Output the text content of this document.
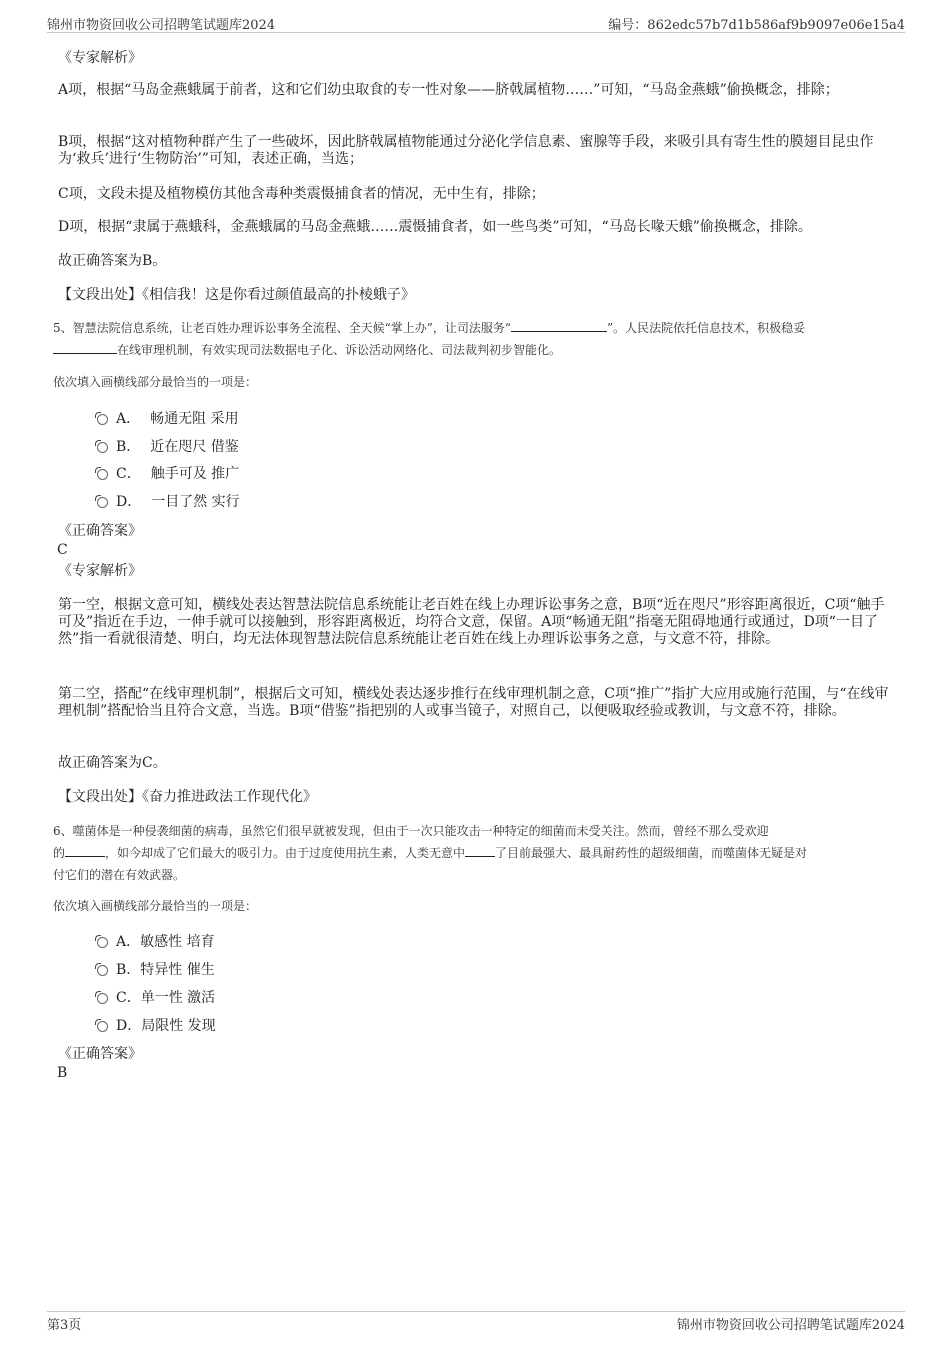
锦州市物资回收公司招聘笔试题库2024	编号：862edc57b7d1b586af9b9097e06e15a4
《专家解析》
A项，根据“马岛金燕蛾属于前者，这和它们幼虫取食的专一性对象——脐戟属植物……”可知，“马岛金燕蛾”偷换概念，排除；
B项，根据“这对植物种群产生了一些破坏，因此脐戟属植物能通过分泌化学信息素、蜜腺等手段，来吸引具有寄生性的膜翅目昆虫作为‘救兵’进行‘生物防治’”可知，表述正确，当选；
C项，文段未提及植物模仿其他含毒种类震慑捕食者的情况，无中生有，排除；
D项，根据“隶属于燕蛾科，金燕蛾属的马岛金燕蛾……震慑捕食者，如一些鸟类”可知，“马岛长喙天蛾”偷换概念，排除。
故正确答案为B。
【文段出处】《相信我！这是你看过颜值最高的扑棱蛾子》
5、智慧法院信息系统，让老百姓办理诉讼事务全流程、全天候“掌上办”，让司法服务“	”。人民法院依托信息技术，积极稳妥
在线审理机制，有效实现司法数据电子化、诉讼活动网络化、司法裁判初步智能化。
依次填入画横线部分最恰当的一项是：
A． 畅通无阻 采用
B． 近在咫尺 借鉴
C． 触手可及 推广
D． 一目了然 实行
《正确答案》
C
《专家解析》
第一空，根据文意可知，横线处表达智慧法院信息系统能让老百姓在线上办理诉讼事务之意，B项“近在咫尺”形容距离很近，C项“触手可及”指近在手边，一伸手就可以接触到，形容距离极近，均符合文意，保留。A项“畅通无阻”指毫无阻碍地通行或通过，D项“一目了然”指一看就很清楚、明白，均无法体现智慧法院信息系统能让老百姓在线上办理诉讼事务之意，与文意不符，排除。
第二空，搭配“在线审理机制”，根据后文可知，横线处表达逐步推行在线审理机制之意，C项“推广”指扩大应用或施行范围，与“在线审理机制”搭配恰当且符合文意，当选。B项“借鉴”指把别的人或事当镜子，对照自己，以便吸取经验或教训，与文意不符，排除。
故正确答案为C。
【文段出处】《奋力推进政法工作现代化》
6、噬菌体是一种侵袭细菌的病毒，虽然它们很早就被发现，但由于一次只能攻击一种特定的细菌而未受关注。然而，曾经不那么受欢迎
的	，如今却成了它们最大的吸引力。由于过度使用抗生素，人类无意中	了目前最强大、最具耐药性的超级细菌，而噬菌体无疑是对
付它们的潜在有效武器。
依次填入画横线部分最恰当的一项是：
A．敏感性 培育
B．特异性 催生
C．单一性 激活
D．局限性 发现
《正确答案》
B
第3页	锦州市物资回收公司招聘笔试题库2024
